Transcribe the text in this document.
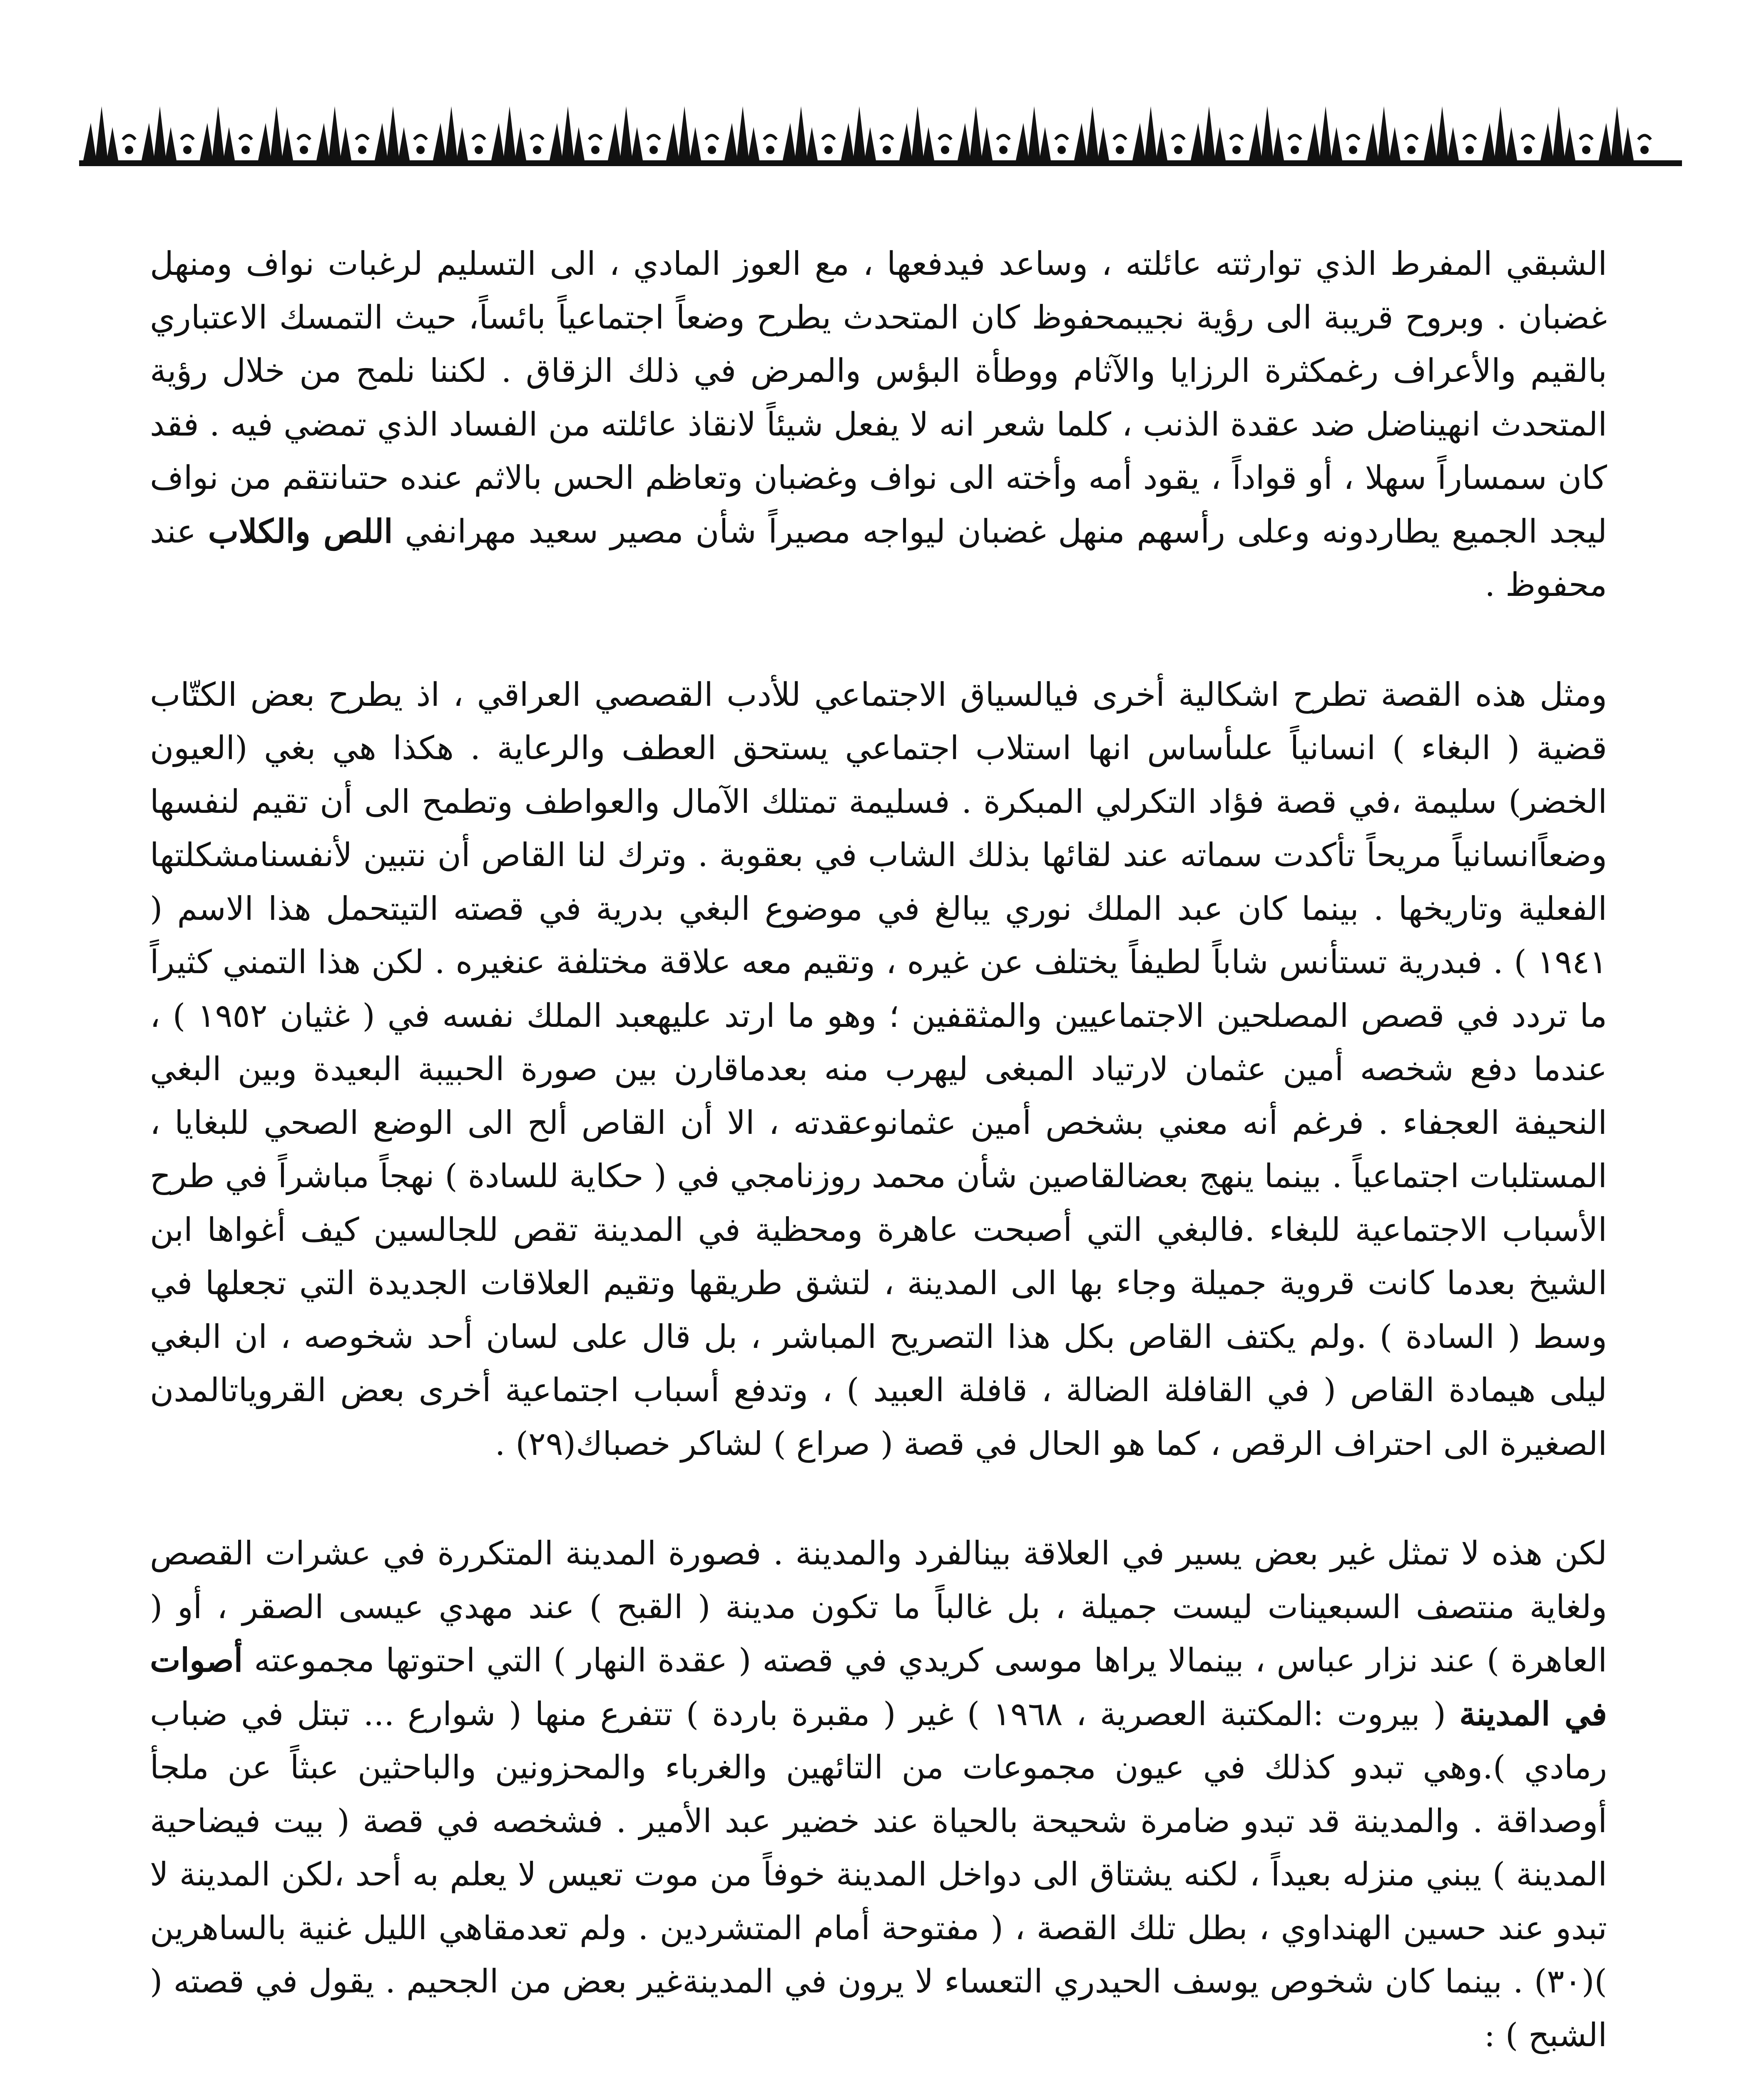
الشبقي المفرط الذي توارثته عائلته ، وساعد فيدفعها ، مع العوز المادي ، الى التسليم لرغبات نواف ومنهل غضبان . وبروح قريبة الى رؤية نجيبمحفوظ كان المتحدث يطرح وضعاً اجتماعياً بائساً، حيث التمسك الاعتباري بالقيم والأعراف رغمكثرة الرزايا والآثام ووطأة البؤس والمرض في ذلك الزقاق . لكننا نلمح من خلال رؤية المتحدث انهيناضل ضد عقدة الذنب ، كلما شعر انه لا يفعل شيئاً لانقاذ عائلته من الفساد الذي تمضي فيه . فقد كان سمساراً سهلا ، أو قواداً ، يقود أمه وأخته الى نواف وغضبان وتعاظم الحس بالاثم عنده حتىانتقم من نواف ليجد الجميع يطاردونه وعلى رأسهم منهل غضبان ليواجه مصيراً شأن مصير سعيد مهرانفي اللص والكلاب عند محفوظ .

ومثل هذه القصة تطرح اشكالية أخرى فيالسياق الاجتماعي للأدب القصصي العراقي ، اذ يطرح بعض الكتّاب قضية ( البغاء ) انسانياً علىأساس انها استلاب اجتماعي يستحق العطف والرعاية . هكذا هي بغي (العيون الخضر) سليمة ،في قصة فؤاد التكرلي المبكرة . فسليمة تمتلك الآمال والعواطف وتطمح الى أن تقيم لنفسها وضعاًانسانياً مريحاً تأكدت سماته عند لقائها بذلك الشاب في بعقوبة . وترك لنا القاص أن نتبين لأنفسنامشكلتها الفعلية وتاريخها . بينما كان عبد الملك نوري يبالغ في موضوع البغي بدرية في قصته التيتحمل هذا الاسم ( ١٩٤١ ) . فبدرية تستأنس شاباً لطيفاً يختلف عن غيره ، وتقيم معه علاقة مختلفة عنغيره . لكن هذا التمني كثيراً ما تردد في قصص المصلحين الاجتماعيين والمثقفين ؛ وهو ما ارتد عليهعبد الملك نفسه في ( غثيان ١٩٥٢ ) ، عندما دفع شخصه أمين عثمان لارتياد المبغى ليهرب منه بعدماقارن بين صورة الحبيبة البعيدة وبين البغي النحيفة العجفاء . فرغم أنه معني بشخص أمين عثمانوعقدته ، الا أن القاص ألح الى الوضع الصحي للبغايا ، المستلبات اجتماعياً . بينما ينهج بعضالقاصين شأن محمد روزنامجي في ( حكاية للسادة ) نهجاً مباشراً في طرح الأسباب الاجتماعية للبغاء .فالبغي التي أصبحت عاهرة ومحظية في المدينة تقص للجالسين كيف أغواها ابن الشيخ بعدما كانت قروية جميلة وجاء بها الى المدينة ، لتشق طريقها وتقيم العلاقات الجديدة التي تجعلها في وسط ( السادة ) .ولم يكتف القاص بكل هذا التصريح المباشر ، بل قال على لسان أحد شخوصه ، ان البغي ليلى هيمادة القاص ( في القافلة الضالة ، قافلة العبيد ) ، وتدفع أسباب اجتماعية أخرى بعض القروياتالمدن الصغيرة الى احتراف الرقص ، كما هو الحال في قصة ( صراع ) لشاكر خصباك(٢٩) .

لكن هذه لا تمثل غير بعض يسير في العلاقة بينالفرد والمدينة . فصورة المدينة المتكررة في عشرات القصص ولغاية منتصف السبعينات ليست جميلة ، بل غالباً ما تكون مدينة ( القبح ) عند مهدي عيسى الصقر ، أو ( العاهرة ) عند نزار عباس ، بينمالا يراها موسى كريدي في قصته ( عقدة النهار ) التي احتوتها مجموعته أصوات في المدينة ( بيروت :المكتبة العصرية ، ١٩٦٨ ) غير ( مقبرة باردة ) تتفرع منها ( شوارع ... تبتل في ضباب رمادي ).وهي تبدو كذلك في عيون مجموعات من التائهين والغرباء والمحزونين والباحثين عبثاً عن ملجأ أوصداقة . والمدينة قد تبدو ضامرة شحيحة بالحياة عند خضير عبد الأمير . فشخصه في قصة ( بيت فيضاحية المدينة ) يبني منزله بعيداً ، لكنه يشتاق الى دواخل المدينة خوفاً من موت تعيس لا يعلم به أحد ،لكن المدينة لا تبدو عند حسين الهنداوي ، بطل تلك القصة ، ( مفتوحة أمام المتشردين . ولم تعدمقاهي الليل غنية بالساهرين )(٣٠) . بينما كان شخوص يوسف الحيدري التعساء لا يرون في المدينةغير بعض من الجحيم . يقول في قصته ( الشبح ) :
